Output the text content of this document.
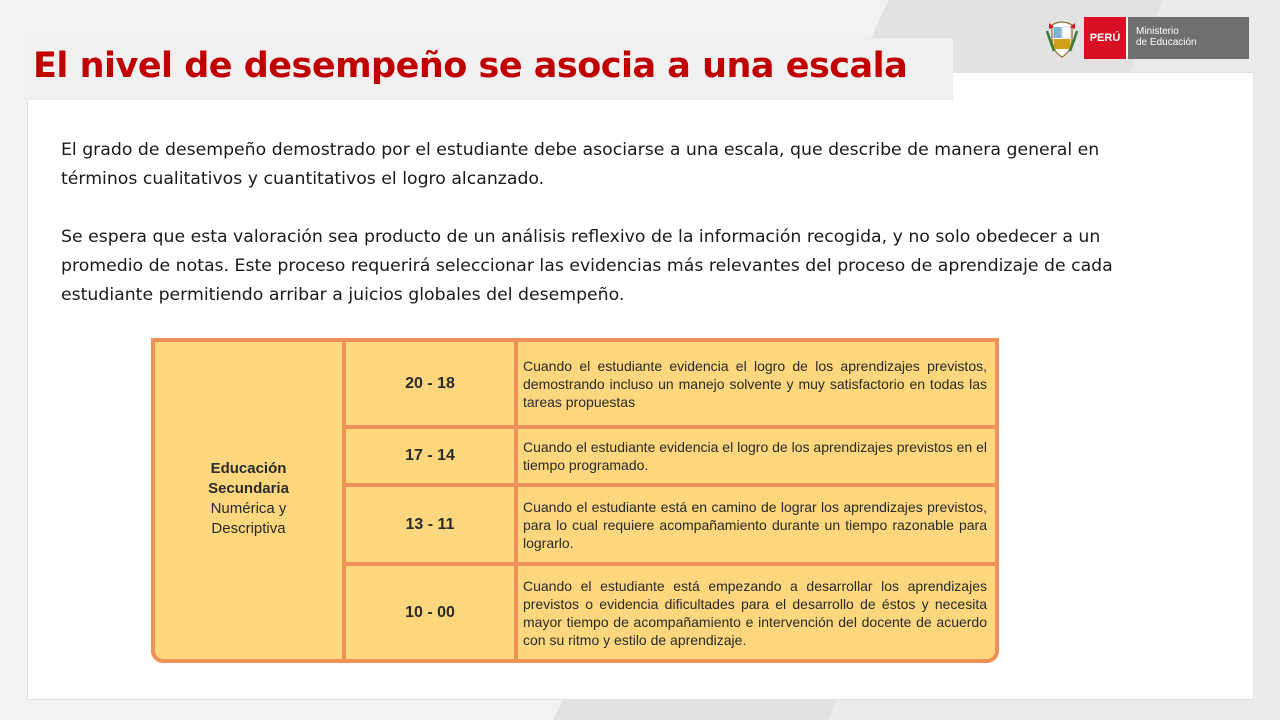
El nivel de desempeño se asocia a una escala
PERÚ
Ministerio
de Educación

El grado de desempeño demostrado por el estudiante debe asociarse a una escala, que describe de manera general en términos cualitativos y cuantitativos el logro alcanzado.

Se espera que esta valoración sea producto de un análisis reflexivo de la información recogida, y no solo obedecer a un promedio de notas. Este proceso requerirá seleccionar las evidencias más relevantes del proceso de aprendizaje de cada estudiante permitiendo arribar a juicios globales del desempeño.

Educación
Secundaria
Numérica y
Descriptiva
20 - 18
Cuando el estudiante evidencia el logro de los aprendizajes previstos, demostrando incluso un manejo solvente y muy satisfactorio en todas las tareas propuestas
17 - 14	Cuando el estudiante evidencia el logro de los aprendizajes previstos en el tiempo programado.
13 - 11
Cuando el estudiante está en camino de lograr los aprendizajes previstos, para lo cual requiere acompañamiento durante un tiempo razonable para lograrlo.
10 - 00
Cuando el estudiante está empezando a desarrollar los aprendizajes previstos o evidencia dificultades para el desarrollo de éstos y necesita mayor tiempo de acompañamiento e intervención del docente de acuerdo con su ritmo y estilo de aprendizaje.
